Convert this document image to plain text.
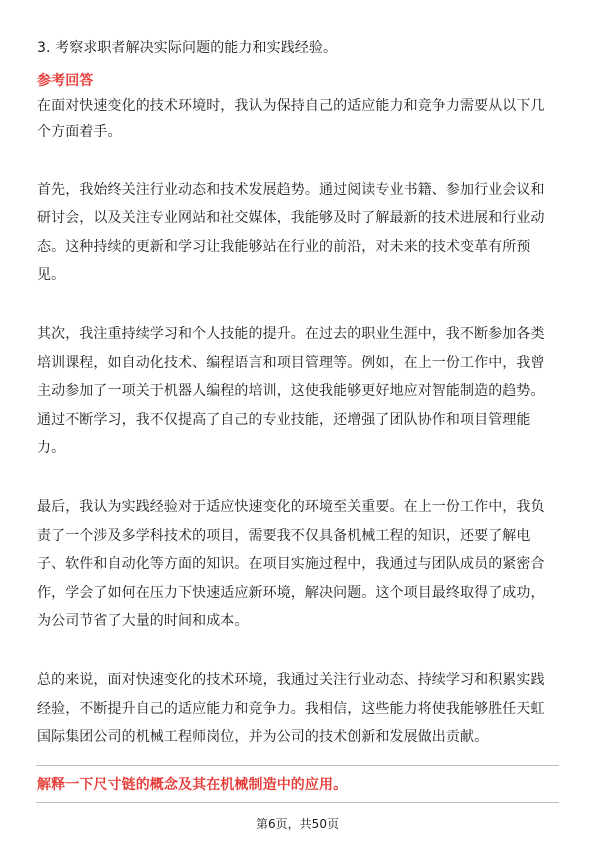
3. 考察求职者解决实际问题的能力和实践经验。
参考回答
在面对快速变化的技术环境时，我认为保持自己的适应能力和竞争力需要从以下几
个方面着手。
首先，我始终关注行业动态和技术发展趋势。通过阅读专业书籍、参加行业会议和
研讨会，以及关注专业网站和社交媒体，我能够及时了解最新的技术进展和行业动
态。这种持续的更新和学习让我能够站在行业的前沿，对未来的技术变革有所预
见。
其次，我注重持续学习和个人技能的提升。在过去的职业生涯中，我不断参加各类
培训课程，如自动化技术、编程语言和项目管理等。例如，在上一份工作中，我曾
主动参加了一项关于机器人编程的培训，这使我能够更好地应对智能制造的趋势。
通过不断学习，我不仅提高了自己的专业技能，还增强了团队协作和项目管理能
力。
最后，我认为实践经验对于适应快速变化的环境至关重要。在上一份工作中，我负
责了一个涉及多学科技术的项目，需要我不仅具备机械工程的知识，还要了解电
子、软件和自动化等方面的知识。在项目实施过程中，我通过与团队成员的紧密合
作，学会了如何在压力下快速适应新环境，解决问题。这个项目最终取得了成功，
为公司节省了大量的时间和成本。
总的来说，面对快速变化的技术环境，我通过关注行业动态、持续学习和积累实践
经验，不断提升自己的适应能力和竞争力。我相信，这些能力将使我能够胜任天虹
国际集团公司的机械工程师岗位，并为公司的技术创新和发展做出贡献。
解释一下尺寸链的概念及其在机械制造中的应用。
第6页，共50页
